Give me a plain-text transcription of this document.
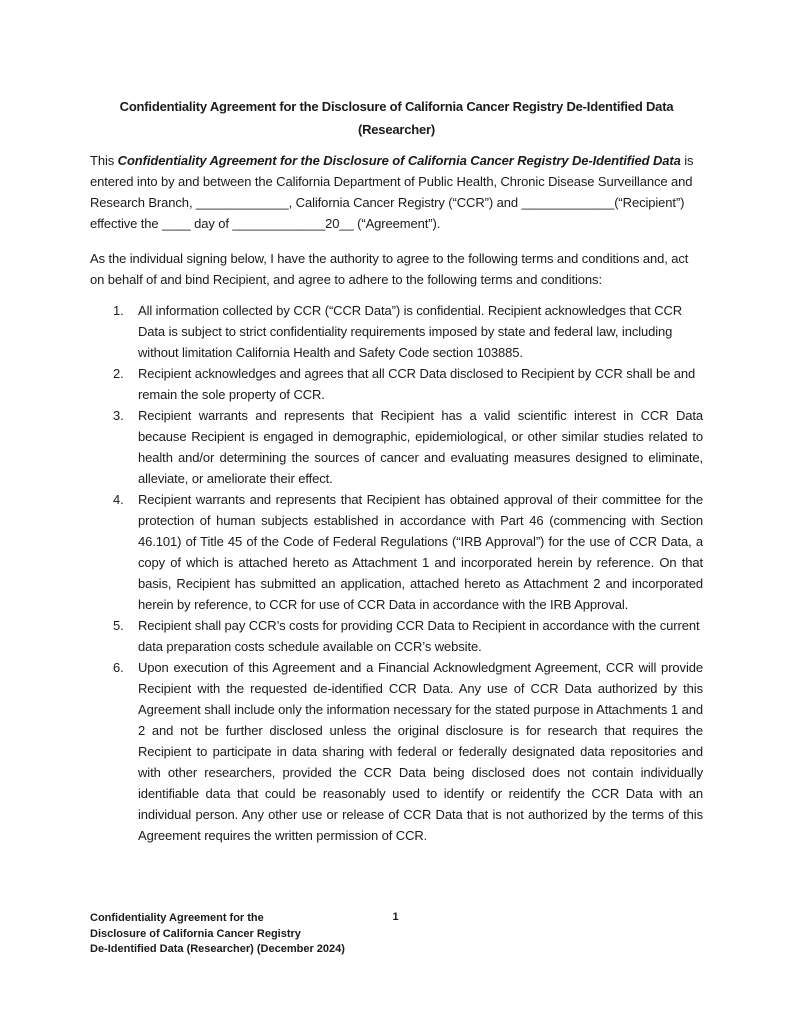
Confidentiality Agreement for the Disclosure of California Cancer Registry De-Identified Data
(Researcher)

This Confidentiality Agreement for the Disclosure of California Cancer Registry De-Identified Data is entered into by and between the California Department of Public Health, Chronic Disease Surveillance and Research Branch, _____________, California Cancer Registry (“CCR”) and _____________(“Recipient”) effective the ____ day of _____________20__ (“Agreement”).

As the individual signing below, I have the authority to agree to the following terms and conditions and, act on behalf of and bind Recipient, and agree to adhere to the following terms and conditions:

1.	All information collected by CCR (“CCR Data”) is confidential. Recipient acknowledges that CCR Data is subject to strict confidentiality requirements imposed by state and federal law, including without limitation California Health and Safety Code section 103885.
2.	Recipient acknowledges and agrees that all CCR Data disclosed to Recipient by CCR shall be and remain the sole property of CCR.
3.	Recipient warrants and represents that Recipient has a valid scientific interest in CCR Data because Recipient is engaged in demographic, epidemiological, or other similar studies related to health and/or determining the sources of cancer and evaluating measures designed to eliminate, alleviate, or ameliorate their effect.
4.	Recipient warrants and represents that Recipient has obtained approval of their committee for the protection of human subjects established in accordance with Part 46 (commencing with Section 46.101) of Title 45 of the Code of Federal Regulations (“IRB Approval”) for the use of CCR Data, a copy of which is attached hereto as Attachment 1 and incorporated herein by reference. On that basis, Recipient has submitted an application, attached hereto as Attachment 2 and incorporated herein by reference, to CCR for use of CCR Data in accordance with the IRB Approval.
5.	Recipient shall pay CCR’s costs for providing CCR Data to Recipient in accordance with the current data preparation costs schedule available on CCR’s website.
6.	Upon execution of this Agreement and a Financial Acknowledgment Agreement, CCR will provide Recipient with the requested de-identified CCR Data. Any use of CCR Data authorized by this Agreement shall include only the information necessary for the stated purpose in Attachments 1 and 2 and not be further disclosed unless the original disclosure is for research that requires the Recipient to participate in data sharing with federal or federally designated data repositories and with other researchers, provided the CCR Data being disclosed does not contain individually identifiable data that could be reasonably used to identify or reidentify the CCR Data with an individual person. Any other use or release of CCR Data that is not authorized by the terms of this Agreement requires the written permission of CCR.
Confidentiality Agreement for the
Disclosure of California Cancer Registry
De-Identified Data (Researcher) (December 2024)
1
